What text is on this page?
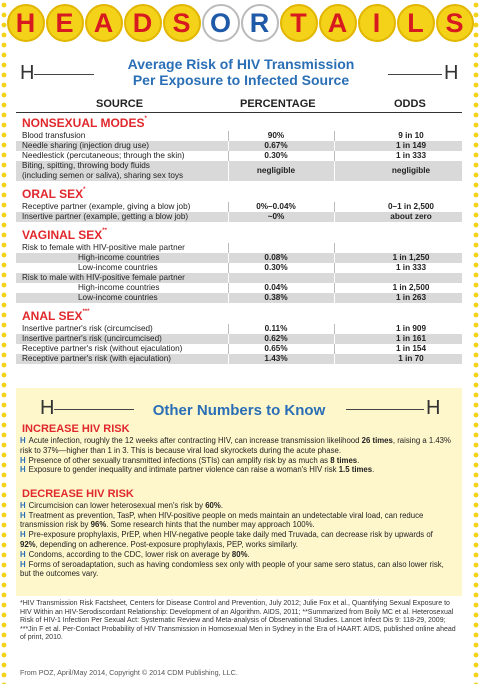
H E A D S O R T A I	L S
H	Average Risk of HIV Transmission
Per Exposure to Infected Source	H
SOURCE	PERCENTAGE	ODDS
NONSEXUAL MODES*
Blood transfusion	90%	9 in 10
Needle sharing (injection drug use)	0.67%	1 in 149
Needlestick (percutaneous; through the skin)	0.30%	1 in 333
Biting, spitting, throwing body fluids
(including semen or saliva), sharing sex toys
negligible	negligible
ORAL SEX*
Receptive partner (example, giving a blow job)	0%–0.04%	0–1 in 2,500
Insertive partner (example, getting a blow job)	~0%	about zero
VAGINAL SEX**
Risk to female with HIV-positive male partner
High-income countries	0.08%	1 in 1,250
Low-income countries	0.30%	1 in 333
Risk to male with HIV-positive female partner
High-income countries	0.04%	1 in 2,500
Low-income countries	0.38%	1 in 263
ANAL SEX***
Insertive partner's risk (circumcised)	0.11%	1 in 909
Insertive partner's risk (uncircumcised)	0.62%	1 in 161
Receptive partner's risk (without ejaculation)	0.65%	1 in 154
Receptive partner's risk (with ejaculation)	1.43%	1 in 70
H	Other Numbers to Know	H
INCREASE HIV RISK
H Acute infection, roughly the 12 weeks after contracting HIV, can increase transmission likelihood 26 times, raising a 1.43% risk to 37%—higher than 1 in 3. This is because viral load skyrockets during the acute phase.
H Presence of other sexually transmitted infections (STIs) can amplify risk by as much as 8 times.
H Exposure to gender inequality and intimate partner violence can raise a woman's HIV risk 1.5 times.
DECREASE HIV RISK
H Circumcision can lower heterosexual men's risk by 60%.
H Treatment as prevention, TasP, when HIV-positive people on meds maintain an undetectable viral load, can reduce transmission risk by 96%. Some research hints that the number may approach 100%.
H Pre-exposure prophylaxis, PrEP, when HIV-negative people take daily med Truvada, can decrease risk by upwards of 92%, depending on adherence. Post-exposure prophylaxis, PEP, works similarly.
H Condoms, according to the CDC, lower risk on average by 80%.
H Forms of seroadaptation, such as having condomless sex only with people of your same sero status, can also lower risk, but the outcomes vary.
*HIV Transmission Risk Factsheet, Centers for Disease Control and Prevention, July 2012; Julie Fox et al., Quantifying Sexual Exposure to HIV Within an HIV-Serodiscordant Relationship: Development of an Algorithm. AIDS, 2011; **Summarized from Boily MC et al. Heterosexual Risk of HIV-1 Infection Per Sexual Act: Systematic Review and Meta-analysis of Observational Studies. Lancet Infect Dis 9: 118-29, 2009; ***Jin F et al. Per-Contact Probability of HIV Transmission in Homosexual Men in Sydney in the Era of HAART. AIDS, published online ahead of print, 2010.
From POZ, April/May 2014, Copyright © 2014 CDM Publishing, LLC.
